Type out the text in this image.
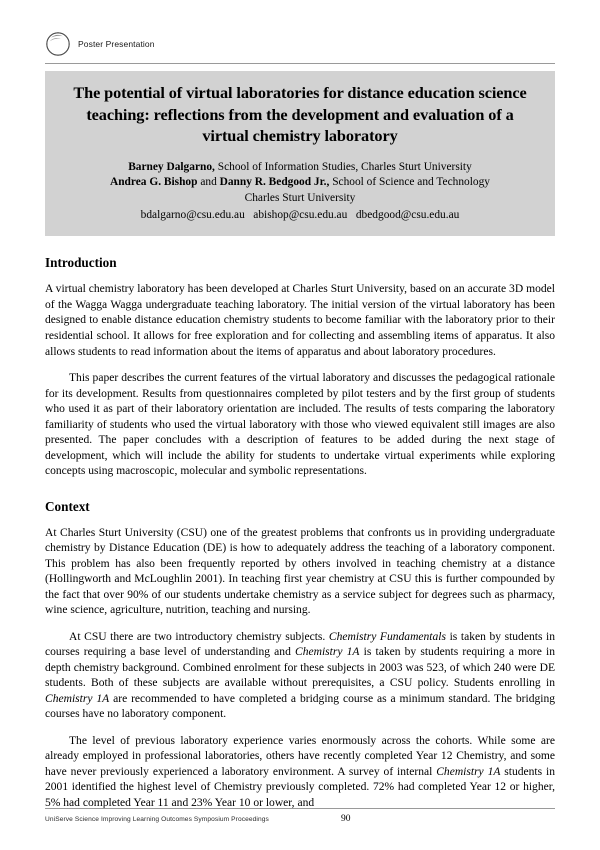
Poster Presentation
The potential of virtual laboratories for distance education science teaching: reflections from the development and evaluation of a virtual chemistry laboratory
Barney Dalgarno, School of Information Studies, Charles Sturt University
Andrea G. Bishop and Danny R. Bedgood Jr., School of Science and Technology
Charles Sturt University
bdalgarno@csu.edu.au   abishop@csu.edu.au   dbedgood@csu.edu.au
Introduction

A virtual chemistry laboratory has been developed at Charles Sturt University, based on an accurate 3D model of the Wagga Wagga undergraduate teaching laboratory. The initial version of the virtual laboratory has been designed to enable distance education chemistry students to become familiar with the laboratory prior to their residential school. It allows for free exploration and for collecting and assembling items of apparatus. It also allows students to read information about the items of apparatus and about laboratory procedures.

This paper describes the current features of the virtual laboratory and discusses the pedagogical rationale for its development. Results from questionnaires completed by pilot testers and by the first group of students who used it as part of their laboratory orientation are included. The results of tests comparing the laboratory familiarity of students who used the virtual laboratory with those who viewed equivalent still images are also presented. The paper concludes with a description of features to be added during the next stage of development, which will include the ability for students to undertake virtual experiments while exploring concepts using macroscopic, molecular and symbolic representations.

Context

At Charles Sturt University (CSU) one of the greatest problems that confronts us in providing undergraduate chemistry by Distance Education (DE) is how to adequately address the teaching of a laboratory component. This problem has also been frequently reported by others involved in teaching chemistry at a distance (Hollingworth and McLoughlin 2001). In teaching first year chemistry at CSU this is further compounded by the fact that over 90% of our students undertake chemistry as a service subject for degrees such as pharmacy, wine science, agriculture, nutrition, teaching and nursing.

At CSU there are two introductory chemistry subjects. Chemistry Fundamentals is taken by students in courses requiring a base level of understanding and Chemistry 1A is taken by students requiring a more in depth chemistry background. Combined enrolment for these subjects in 2003 was 523, of which 240 were DE students. Both of these subjects are available without prerequisites, a CSU policy. Students enrolling in Chemistry 1A are recommended to have completed a bridging course as a minimum standard. The bridging courses have no laboratory component.

The level of previous laboratory experience varies enormously across the cohorts. While some are already employed in professional laboratories, others have recently completed Year 12 Chemistry, and some have never previously experienced a laboratory environment. A survey of internal Chemistry 1A students in 2001 identified the highest level of Chemistry previously completed. 72% had completed Year 12 or higher, 5% had completed Year 11 and 23% Year 10 or lower, and

UniServe Science Improving Learning Outcomes Symposium Proceedings	90
